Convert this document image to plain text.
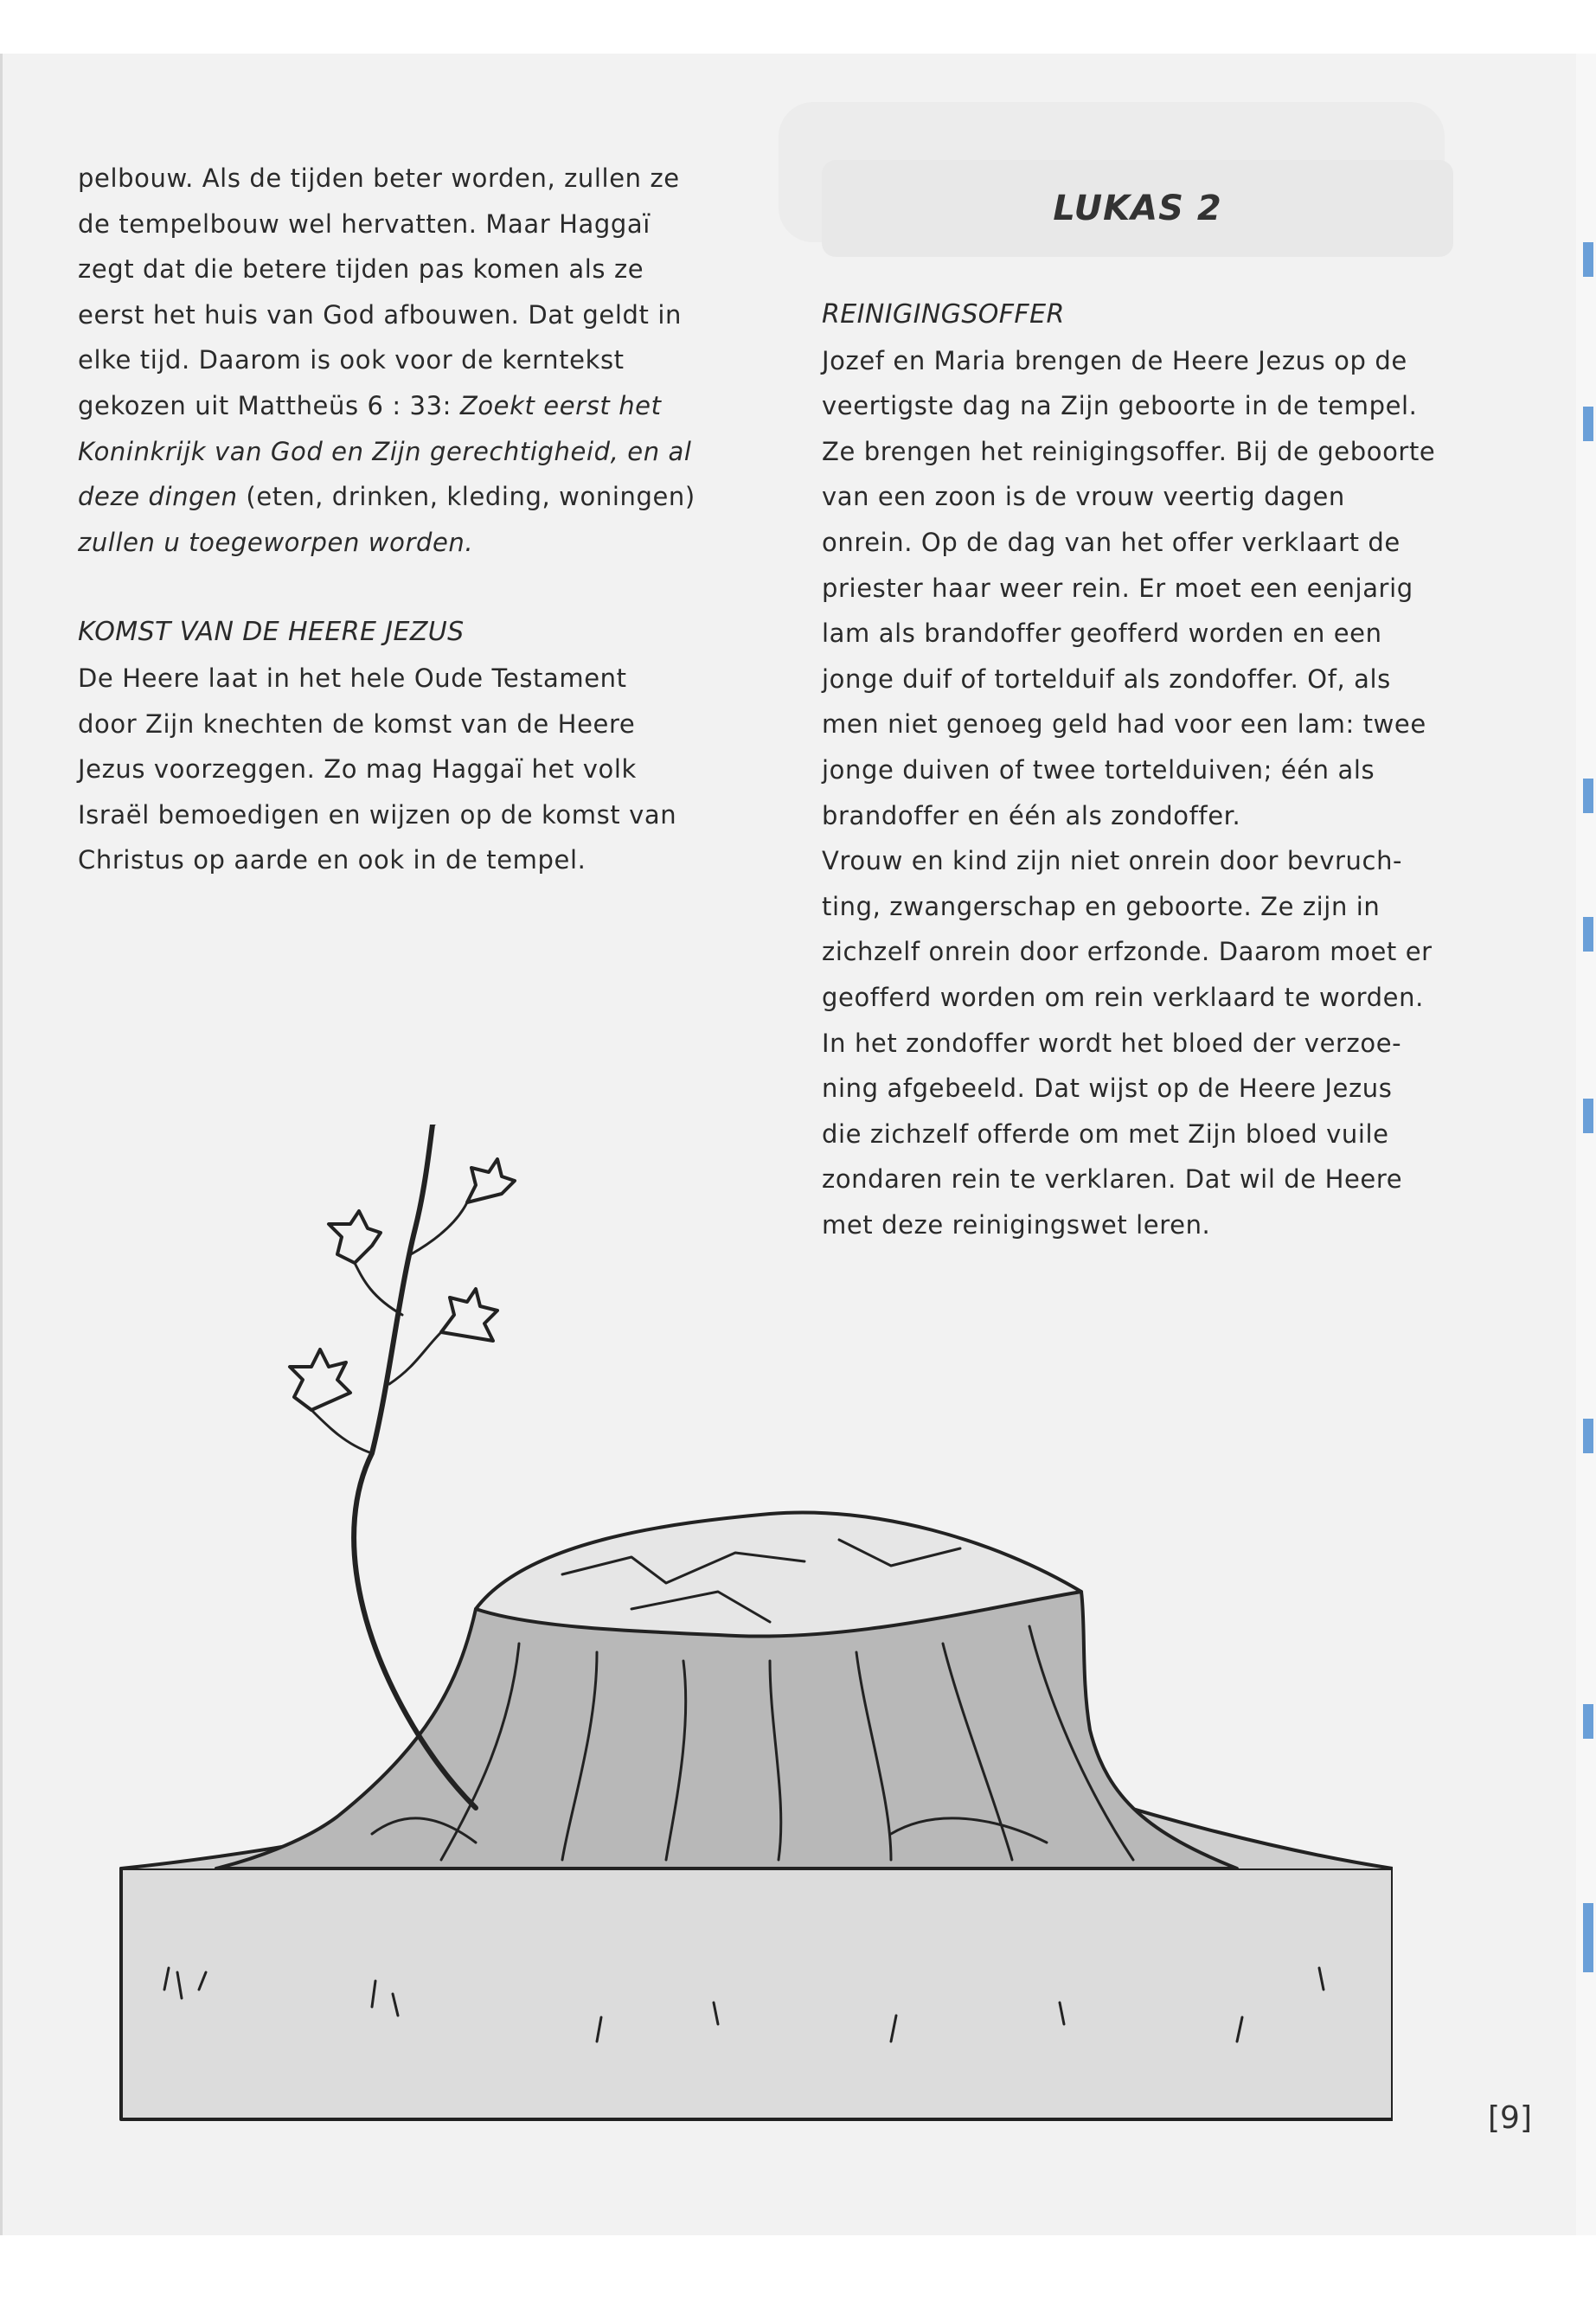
pelbouw. Als de tijden beter worden, zullen ze

de tempelbouw wel hervatten. Maar Haggaï

zegt dat die betere tijden pas komen als ze

eerst het huis van God afbouwen. Dat geldt in

elke tijd. Daarom is ook voor de kerntekst

gekozen uit Mattheüs 6 : 33: Zoekt eerst het

Koninkrijk van God en Zijn gerechtigheid, en al

deze dingen (eten, drinken, kleding, woningen)

zullen u toegeworpen worden.

KOMST VAN DE HEERE JEZUS

De Heere laat in het hele Oude Testament

door Zijn knechten de komst van de Heere

Jezus voorzeggen. Zo mag Haggaï het volk

Israël bemoedigen en wijzen op de komst van

Christus op aarde en ook in de tempel.

LUKAS 2

REINIGINGSOFFER

Jozef en Maria brengen de Heere Jezus op de

veertigste dag na Zijn geboorte in de tempel.

Ze brengen het reinigingsoffer. Bij de geboorte

van een zoon is de vrouw veertig dagen

onrein. Op de dag van het offer verklaart de

priester haar weer rein. Er moet een eenjarig

lam als brandoffer geofferd worden en een

jonge duif of tortelduif als zondoffer. Of, als

men niet genoeg geld had voor een lam: twee

jonge duiven of twee tortelduiven; één als

brandoffer en één als zondoffer.

Vrouw en kind zijn niet onrein door bevruch-

ting, zwangerschap en geboorte. Ze zijn in

zichzelf onrein door erfzonde. Daarom moet er

geofferd worden om rein verklaard te worden.

In het zondoffer wordt het bloed der verzoe-

ning afgebeeld. Dat wijst op de Heere Jezus

die zichzelf offerde om met Zijn bloed vuile

zondaren rein te verklaren. Dat wil de Heere

met deze reinigingswet leren.

[9]
